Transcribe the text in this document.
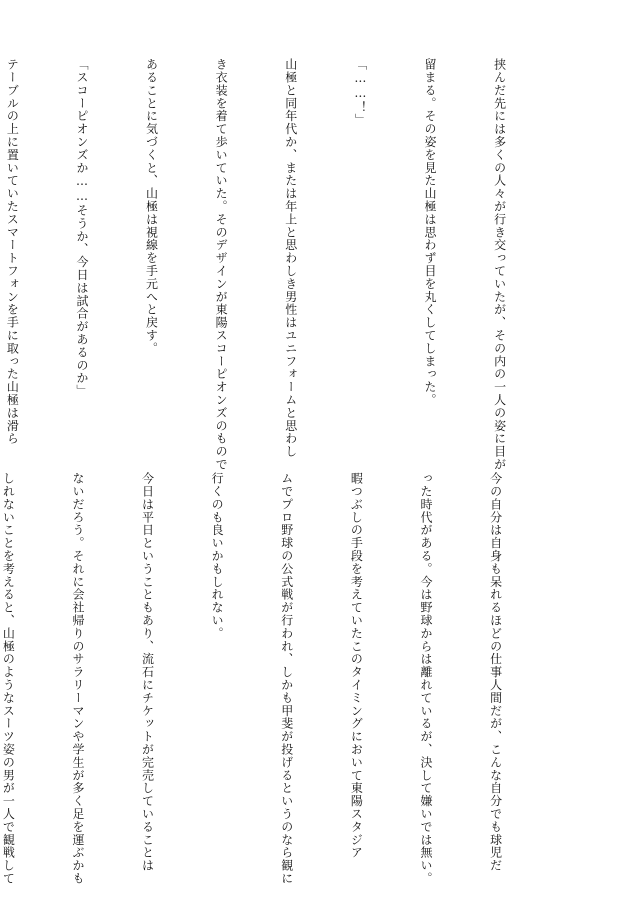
挟んだ先には多くの人々が行き交っていたが、その内の一人の姿に目が

留まる。その姿を見た山極は思わず目を丸くしてしまった。

「……！」

山極と同年代か、または年上と思わしき男性はユニフォームと思わし

き衣装を着て歩いていた。そのデザインが東陽スコーピオンズのもので

あることに気づくと、山極は視線を手元へと戻す。

「スコーピオンズか……そうか、今日は試合があるのか」

テーブルの上に置いていたスマートフォンを手に取った山極は滑ら

今の自分は自身も呆れるほどの仕事人間だが、こんな自分でも球児だ

った時代がある。今は野球からは離れているが、決して嫌いでは無い。

暇つぶしの手段を考えていたこのタイミングにおいて東陽スタジア

ムでプロ野球の公式戦が行われ、しかも甲斐が投げるというのなら観に

行くのも良いかもしれない。

今日は平日ということもあり、流石にチケットが完売していることは

ないだろう。それに会社帰りのサラリーマンや学生が多く足を運ぶかも

しれないことを考えると、山極のようなスーツ姿の男が一人で観戦して
